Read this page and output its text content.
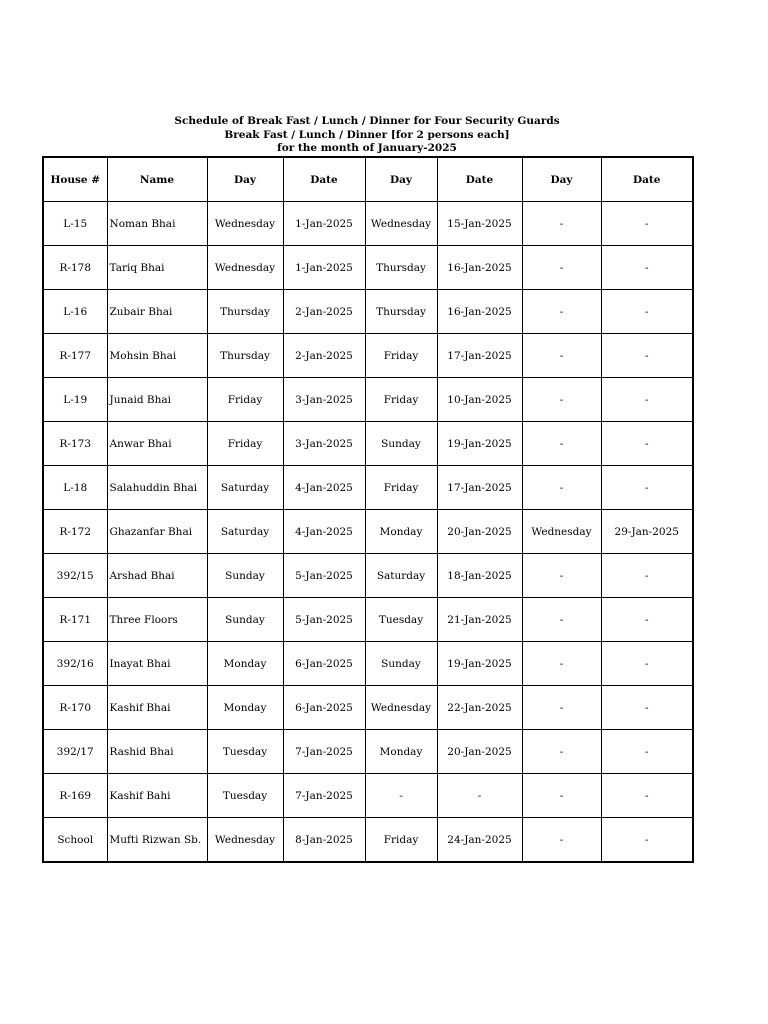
Schedule of Break Fast / Lunch / Dinner for Four Security Guards
Break Fast / Lunch / Dinner [for 2 persons each]
for the month of January-2025
House #	Name	Day	Date	Day	Date	Day	Date
L-15	Noman Bhai	Wednesday	1-Jan-2025	Wednesday	15-Jan-2025	-	-
R-178	Tariq Bhai	Wednesday	1-Jan-2025	Thursday	16-Jan-2025	-	-
L-16	Zubair Bhai	Thursday	2-Jan-2025	Thursday	16-Jan-2025	-	-
R-177	Mohsin Bhai	Thursday	2-Jan-2025	Friday	17-Jan-2025	-	-
L-19	Junaid Bhai	Friday	3-Jan-2025	Friday	10-Jan-2025	-	-
R-173	Anwar Bhai	Friday	3-Jan-2025	Sunday	19-Jan-2025	-	-
L-18	Salahuddin Bhai	Saturday	4-Jan-2025	Friday	17-Jan-2025	-	-
R-172	Ghazanfar Bhai	Saturday	4-Jan-2025	Monday	20-Jan-2025	Wednesday	29-Jan-2025
392/15	Arshad Bhai	Sunday	5-Jan-2025	Saturday	18-Jan-2025	-	-
R-171	Three Floors	Sunday	5-Jan-2025	Tuesday	21-Jan-2025	-	-
392/16	Inayat Bhai	Monday	6-Jan-2025	Sunday	19-Jan-2025	-	-
R-170	Kashif Bhai	Monday	6-Jan-2025	Wednesday	22-Jan-2025	-	-
392/17	Rashid Bhai	Tuesday	7-Jan-2025	Monday	20-Jan-2025	-	-
R-169	Kashif Bahi	Tuesday	7-Jan-2025	-	-	-	-
School	Mufti Rizwan Sb.	Wednesday	8-Jan-2025	Friday	24-Jan-2025	-	-
